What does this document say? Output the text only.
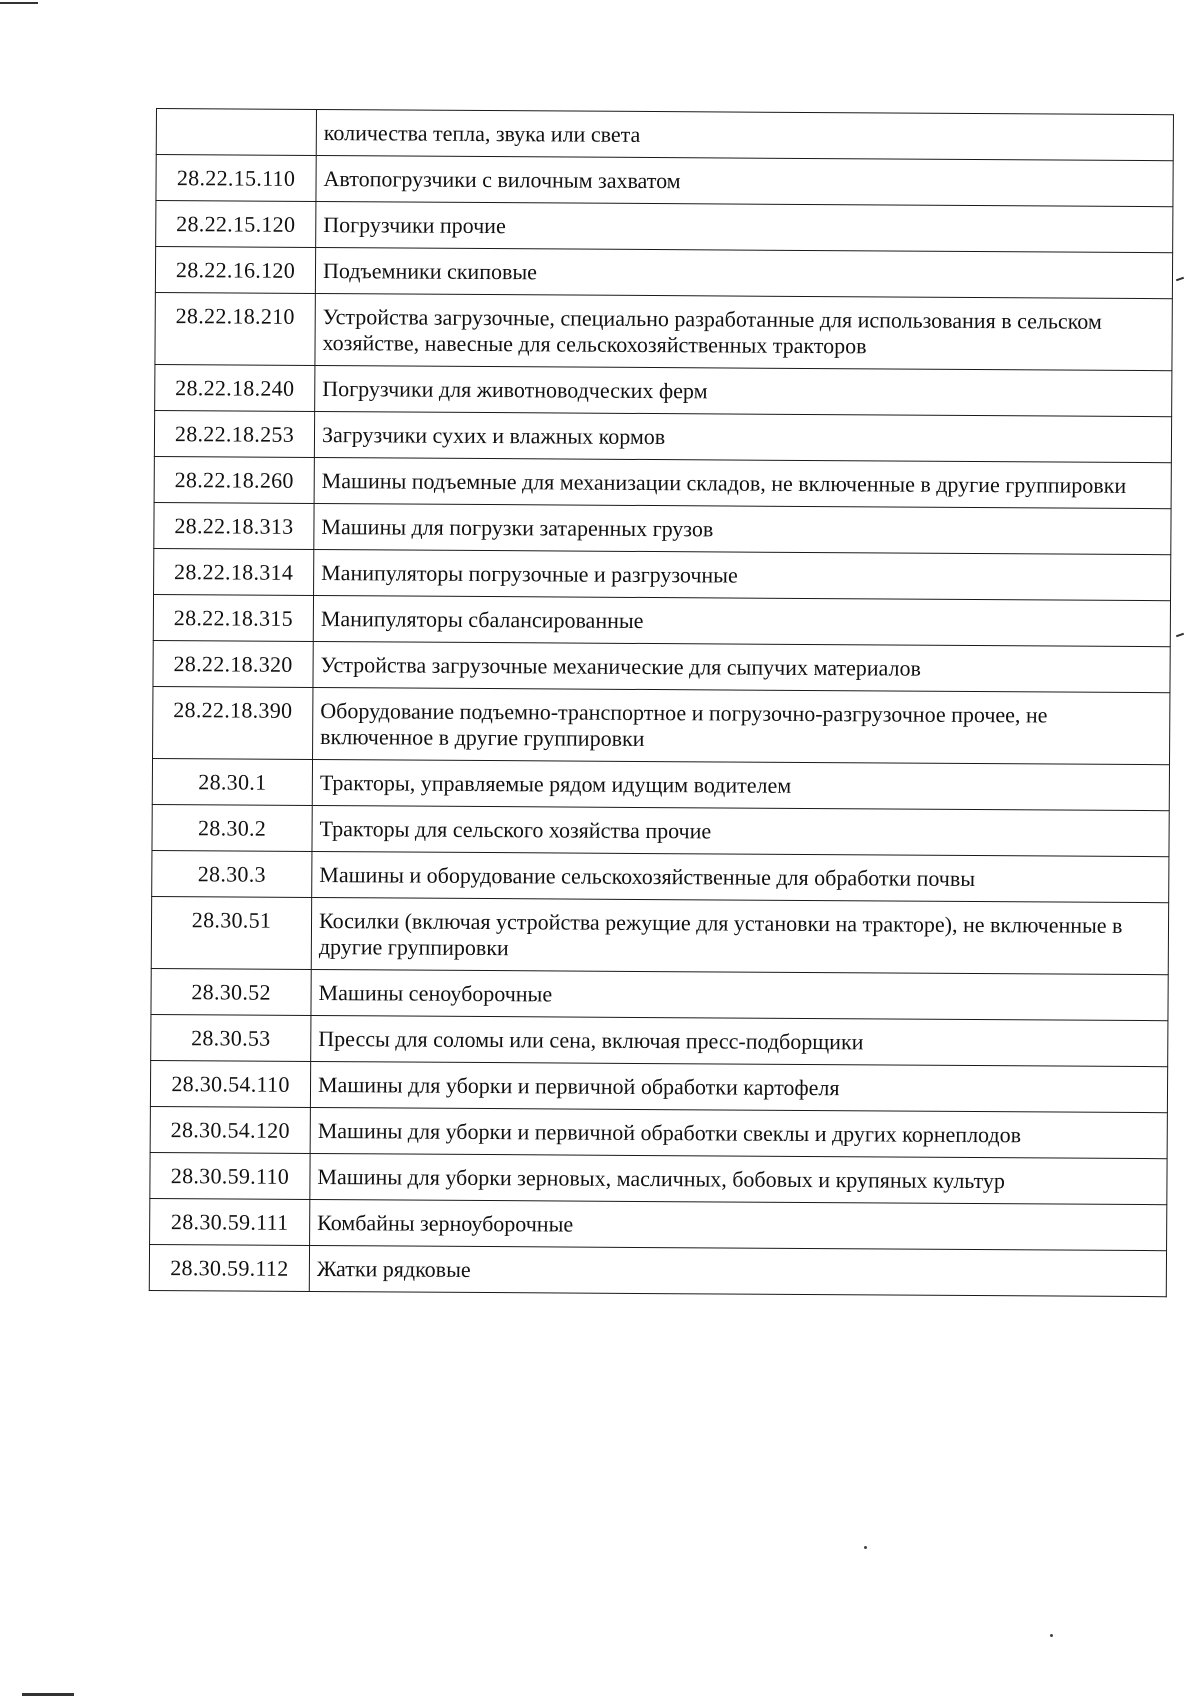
	количества тепла, звука или света
28.22.15.110	Автопогрузчики с вилочным захватом
28.22.15.120	Погрузчики прочие
28.22.16.120	Подъемники скиповые
28.22.18.210	Устройства загрузочные, специально разработанные для использования в сельском хозяйстве, навесные для сельскохозяйственных тракторов
28.22.18.240	Погрузчики для животноводческих ферм
28.22.18.253	Загрузчики сухих и влажных кормов
28.22.18.260	Машины подъемные для механизации складов, не включенные в другие группировки
28.22.18.313	Машины для погрузки затаренных грузов
28.22.18.314	Манипуляторы погрузочные и разгрузочные
28.22.18.315	Манипуляторы сбалансированные
28.22.18.320	Устройства загрузочные механические для сыпучих материалов
28.22.18.390	Оборудование подъемно-транспортное и погрузочно-разгрузочное прочее, не включенное в другие группировки
28.30.1	Тракторы, управляемые рядом идущим водителем
28.30.2	Тракторы для сельского хозяйства прочие
28.30.3	Машины и оборудование сельскохозяйственные для обработки почвы
28.30.51	Косилки (включая устройства режущие для установки на тракторе), не включенные в другие группировки
28.30.52	Машины сеноуборочные
28.30.53	Прессы для соломы или сена, включая пресс-подборщики
28.30.54.110	Машины для уборки и первичной обработки картофеля
28.30.54.120	Машины для уборки и первичной обработки свеклы и других корнеплодов
28.30.59.110	Машины для уборки зерновых, масличных, бобовых и крупяных культур
28.30.59.111	Комбайны зерноуборочные
28.30.59.112	Жатки рядковые
